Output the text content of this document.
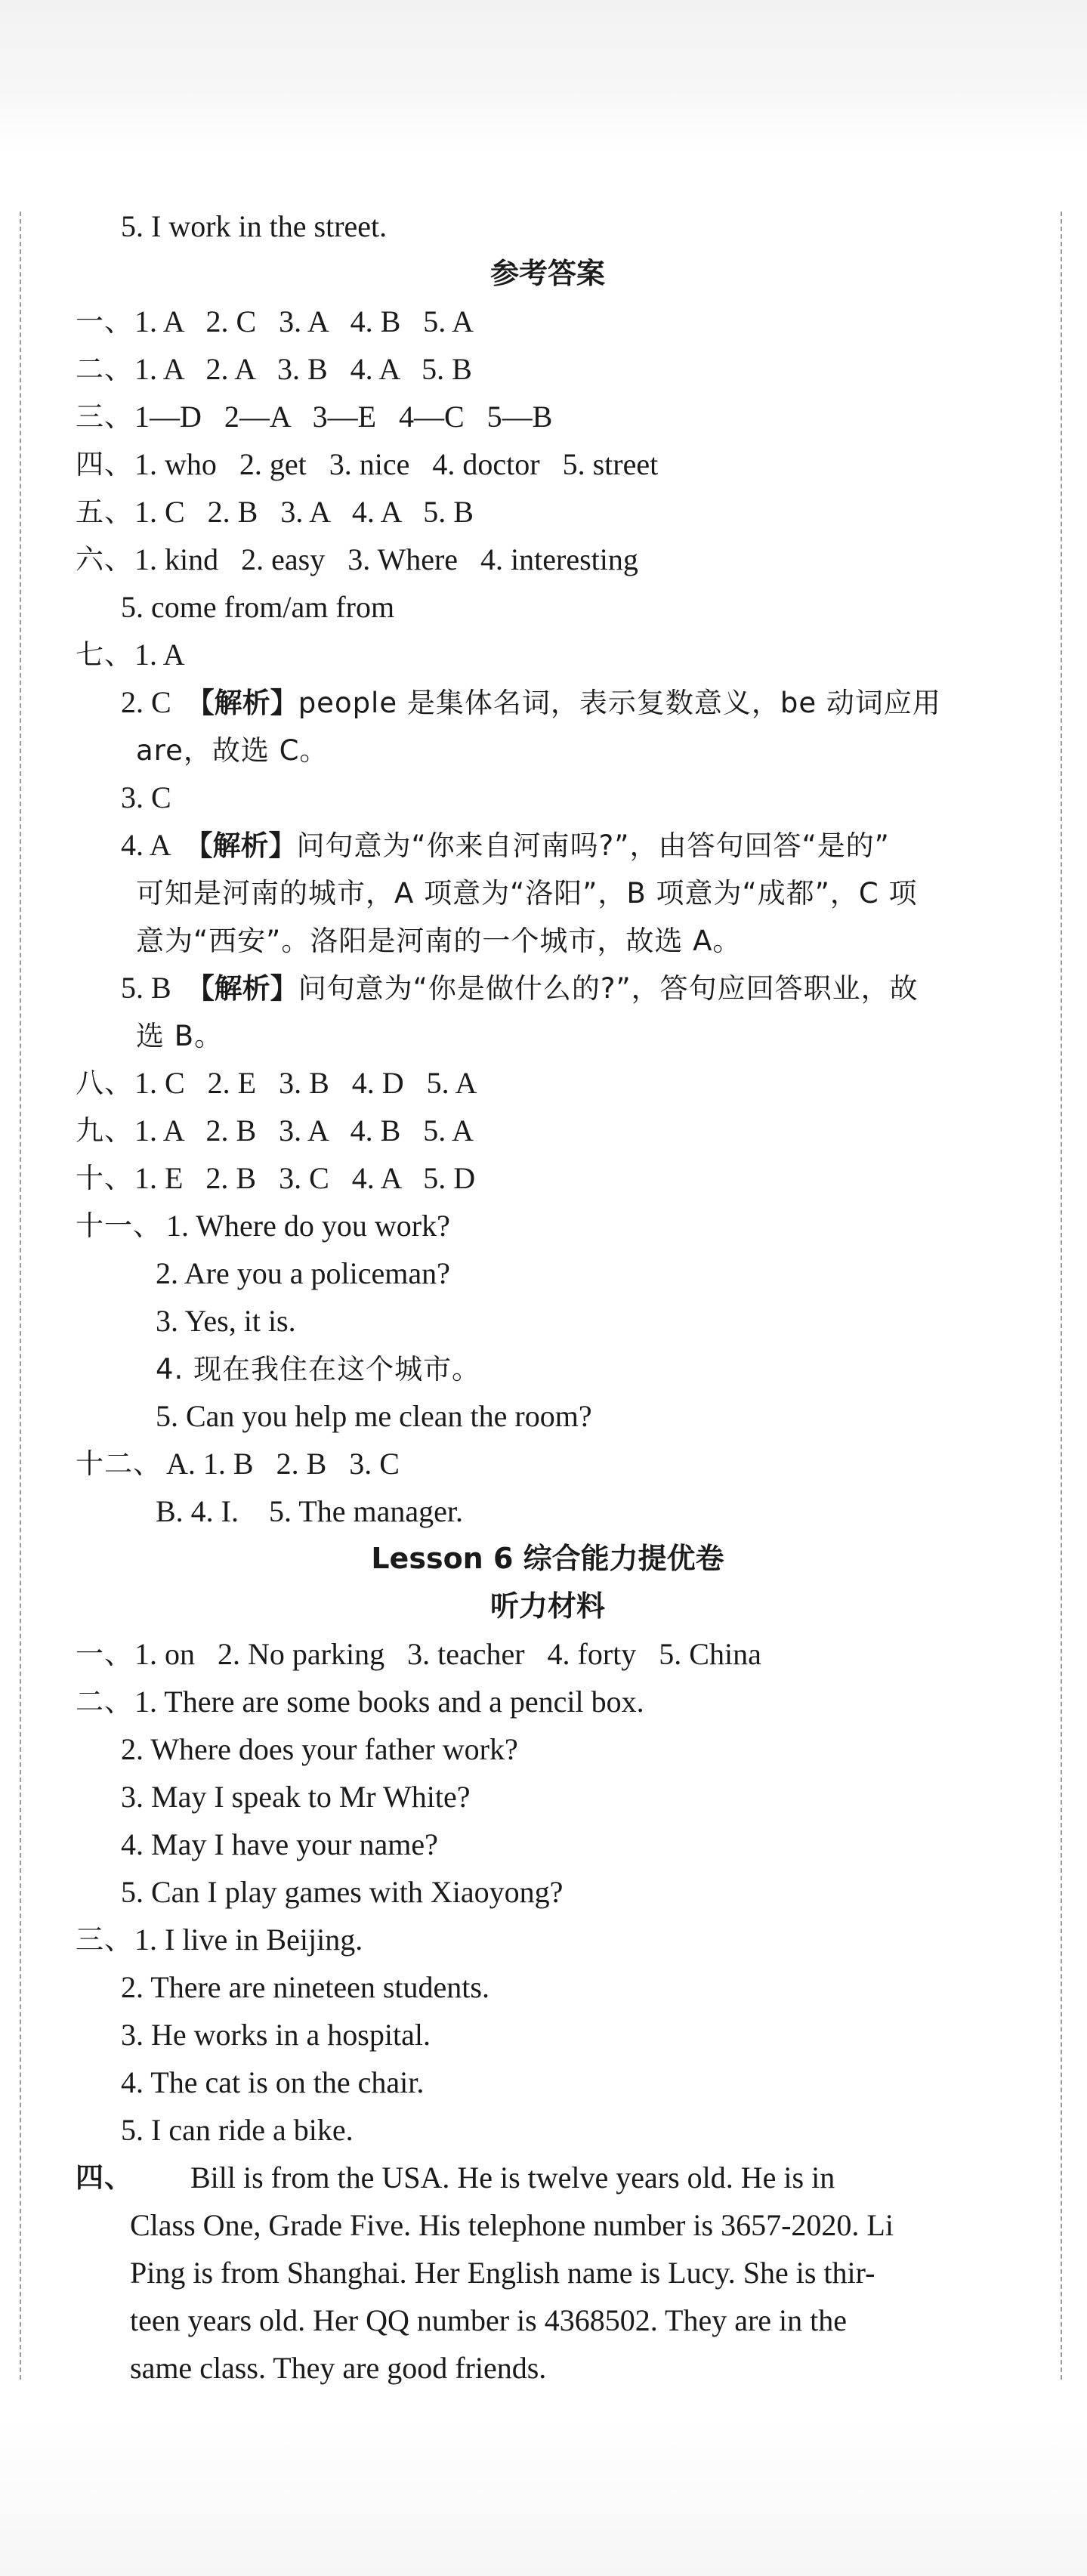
5. I work in the street.
参考答案
一、 1. A   2. C   3. A   4. B   5. A
二、 1. A   2. A   3. B   4. A   5. B
三、 1—D   2—A   3—E   4—C   5—B
四、 1. who   2. get   3. nice   4. doctor   5. street
五、 1. C   2. B   3. A   4. A   5. B
六、 1. kind   2. easy   3. Where   4. interesting
5. come from/am from
七、 1. A
2. C  【解析】people 是集体名词，表示复数意义，be 动词应用
are，故选 C。
3. C
4. A  【解析】问句意为“你来自河南吗?”，由答句回答“是的”
可知是河南的城市，A 项意为“洛阳”，B 项意为“成都”，C 项
意为“西安”。洛阳是河南的一个城市，故选 A。
5. B  【解析】问句意为“你是做什么的?”，答句应回答职业，故
选 B。
八、 1. C   2. E   3. B   4. D   5. A
九、 1. A   2. B   3. A   4. B   5. A
十、 1. E   2. B   3. C   4. A   5. D
十一、 1. Where do you work?
2. Are you a policeman?
3. Yes, it is.
4. 现在我住在这个城市。
5. Can you help me clean the room?
十二、 A. 1. B   2. B   3. C
B. 4. I.    5. The manager.
Lesson 6 综合能力提优卷
听力材料
一、 1. on   2. No parking   3. teacher   4. forty   5. China
二、 1. There are some books and a pencil box.
2. Where does your father work?
3. May I speak to Mr White?
4. May I have your name?
5. Can I play games with Xiaoyong?
三、 1. I live in Beijing.
2. There are nineteen students.
3. He works in a hospital.
4. The cat is on the chair.
5. I can ride a bike.
四、
Bill is from the USA. He is twelve years old. He is in
Class One, Grade Five. His telephone number is 3657-2020. Li
Ping is from Shanghai. Her English name is Lucy. She is thir-
teen years old. Her QQ number is 4368502. They are in the
same class. They are good friends.
